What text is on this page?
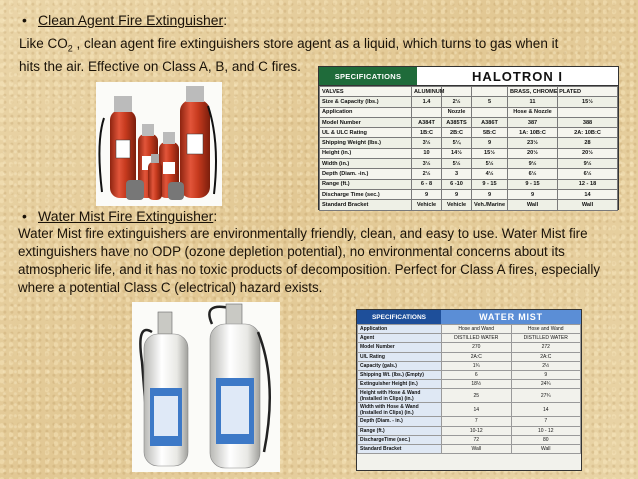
• Clean Agent Fire Extinguisher:
Like $CO_2$ , clean agent fire extinguishers store agent as a liquid, which turns to gas when it
hits the air. Effective on Class A, B, and C fires.
SPECIFICATIONS	HALOTRON I
VALVES	ALUMINUM			BRASS, CHROME PLATED	
Size & Capacity (lbs.)	1.4	2½	5	11	15½
Application		Nozzle		Hose & Nozzle	
Model Number	A384T	A385TS	A386T	387	388
UL & ULC Rating	1B:C	2B:C	5B:C	1A: 10B:C	2A: 10B:C
Shipping Weight (lbs.)	3½	5¼	9	23½	28
Height (in.)	10	14½	15½	20½	20½
Width (in.)	3½	5½	5½	9½	9½
Depth (Diam. -in.)	2½	3	4½	6½	6½
Range (ft.)	6 - 8	6 -10	9 - 15	9 - 15	12 - 18
Discharge Time (sec.)	9	9	9	9	14
Standard Bracket	Vehicle	Vehicle	Veh./Marine	Wall	Wall
• Water Mist Fire Extinguisher:
Water Mist fire extinguishers are environmentally friendly, clean, and easy to use. Water Mist fire extinguishers have no ODP (ozone depletion potential), no environmental concerns about its atmospheric life, and it has no toxic products of decomposition. Perfect for Class A fires, especially where a potential Class C (electrical) hazard exists.
SPECIFICATIONS	WATER MIST
Application	Hose and Wand	Hose and Wand
Agent	DISTILLED WATER	DISTILLED WATER
Model Number	270	272
U/L Rating	2A:C	2A:C
Capacity (gals.)	1¾	2½
Shipping Wt. (lbs.) (Empty)	6	9
Extinguisher Height (in.)	18½	24¾
Height with Hose & Wand (Installed in Clips) (in.)	25	27¾
Width with Hose & Wand (Installed in Clips) (in.)	14	14
Depth (Diam. - in.)	7	7
Range (ft.)	10-12	10 - 12
DischargeTime (sec.)	72	80
Standard Bracket	Wall	Wall
